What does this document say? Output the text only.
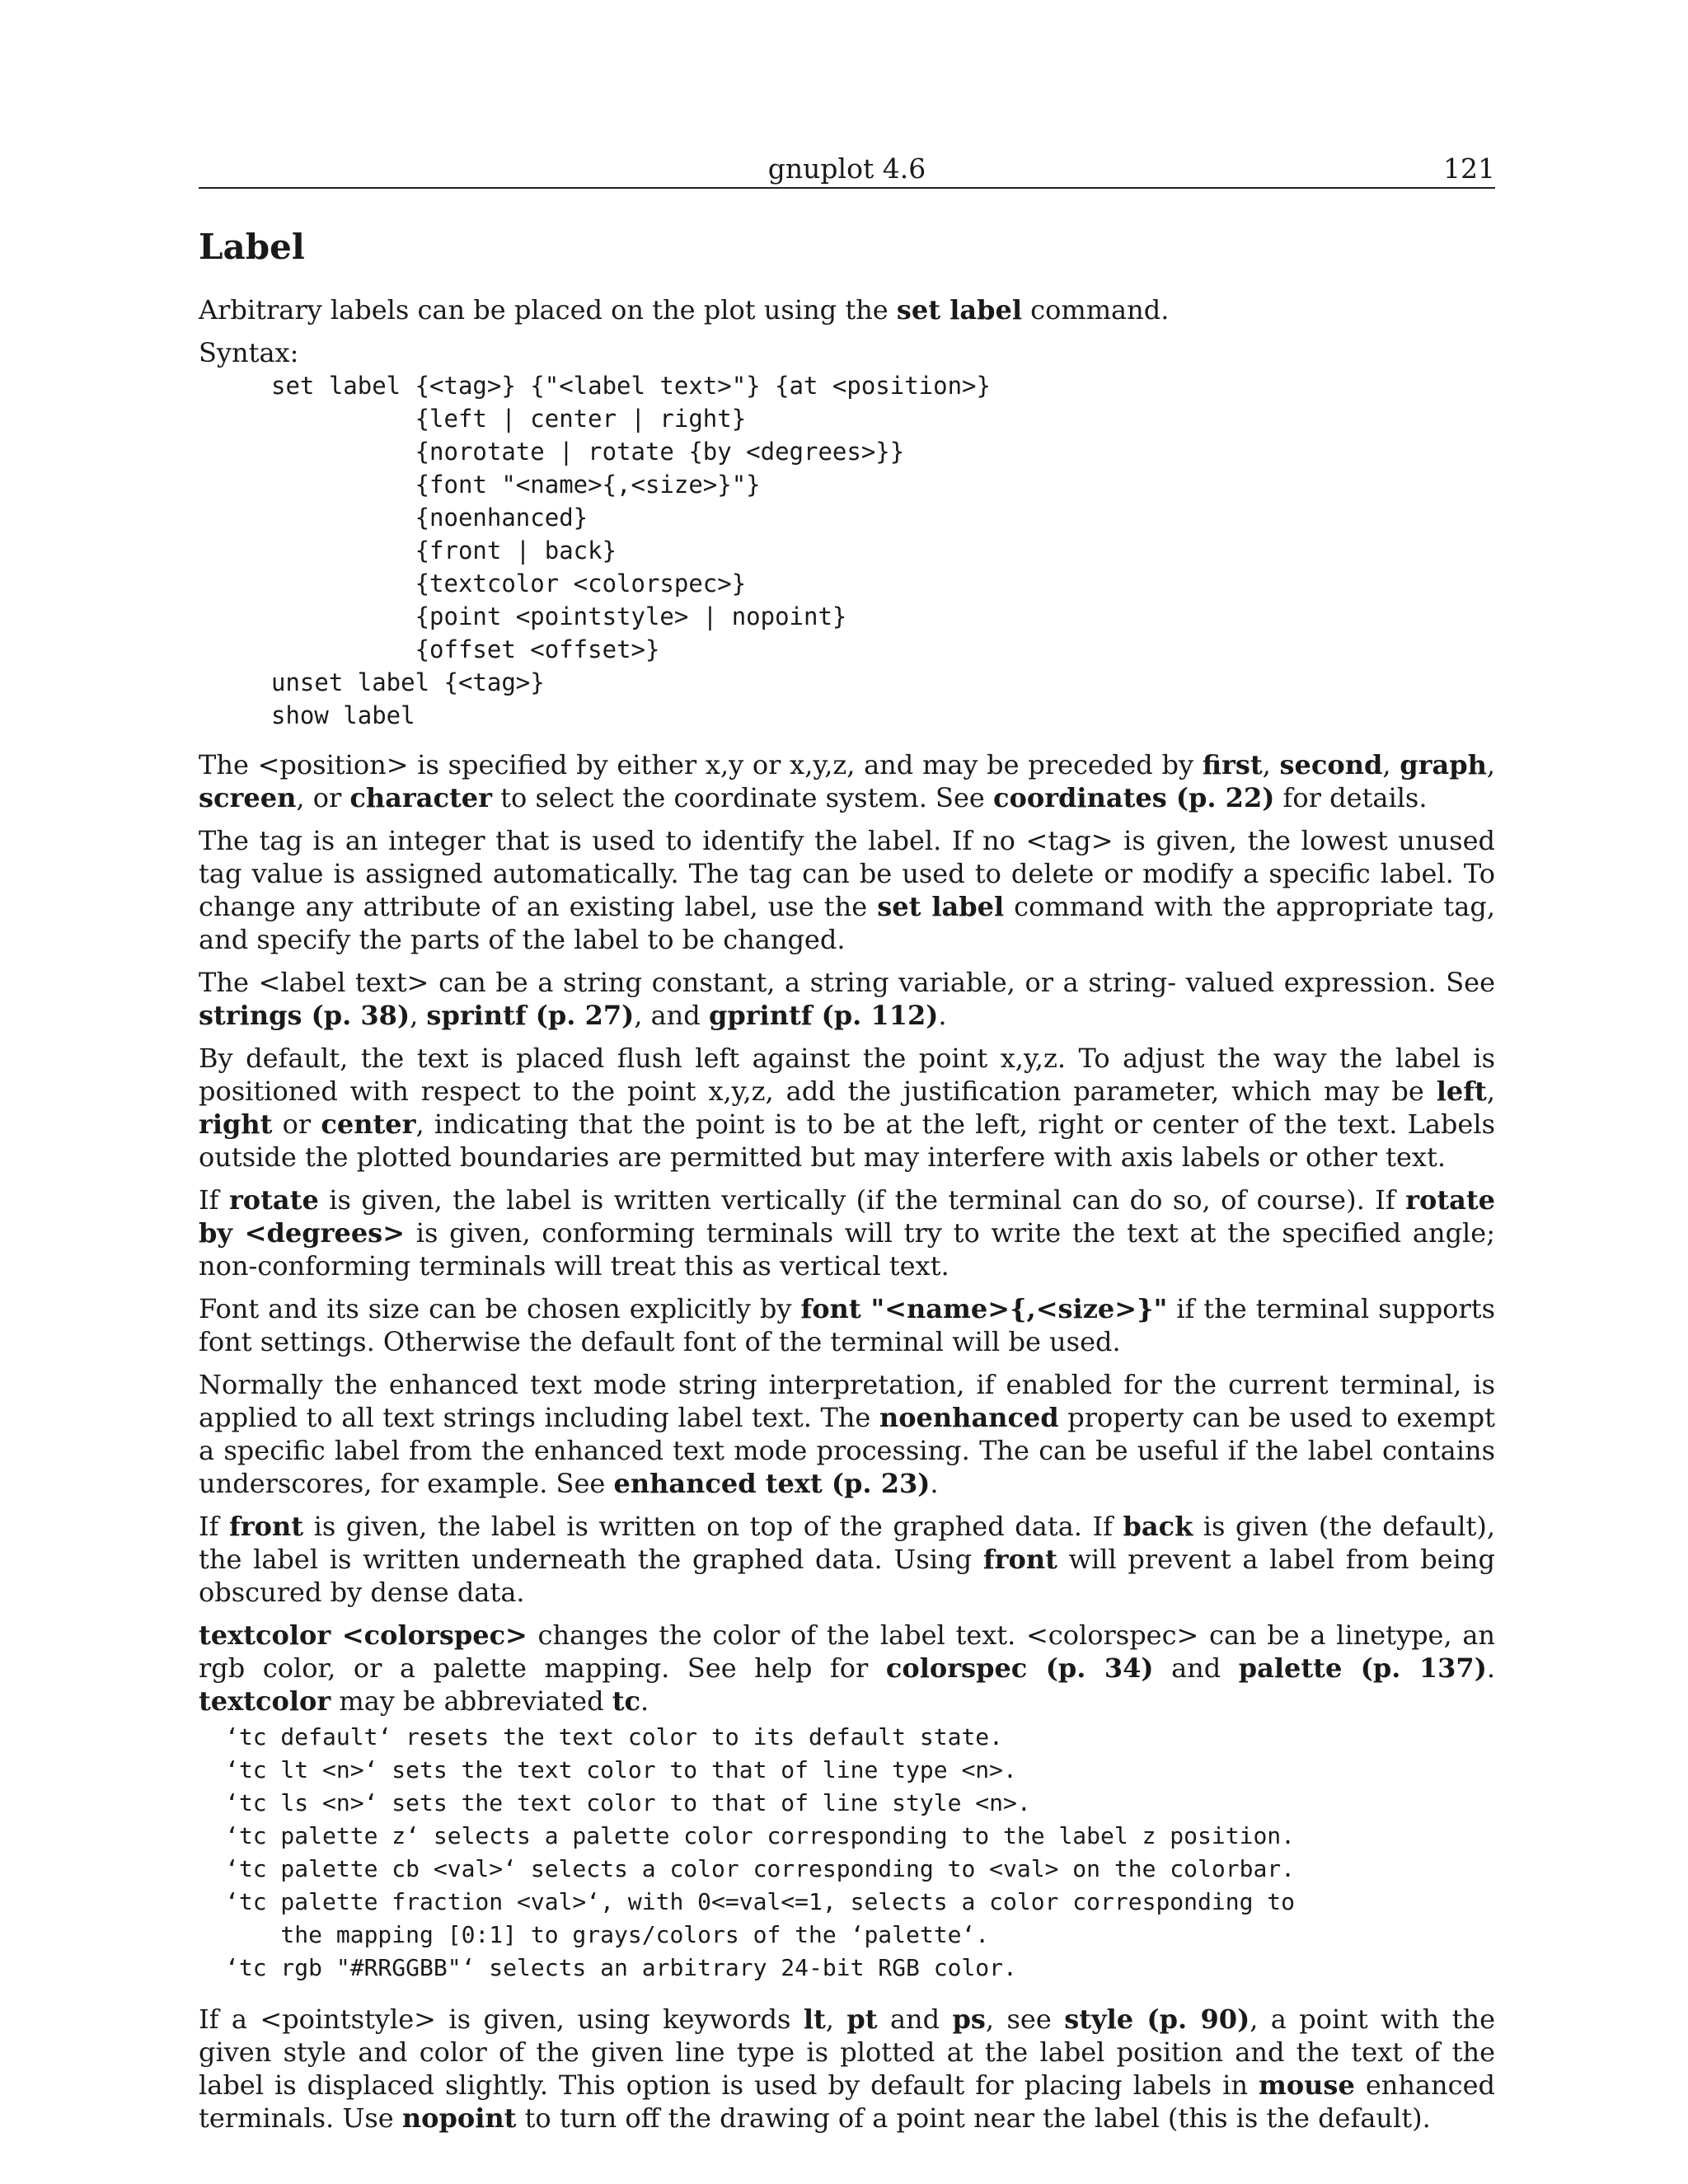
gnuplot 4.6	121
Label

Arbitrary labels can be placed on the plot using the set label command.

Syntax:
set label {<tag>} {"<label text>"} {at <position>}
{left | center | right}
{norotate | rotate {by <degrees>}}
{font "<name>{,<size>}"}
{noenhanced}
{front | back}
{textcolor <colorspec>}
{point <pointstyle> | nopoint}
{offset <offset>}
unset label {<tag>}
show label

The <position> is specified by either x,y or x,y,z, and may be preceded by first, second, graph, screen, or character to select the coordinate system. See coordinates (p. 22) for details.

The tag is an integer that is used to identify the label. If no <tag> is given, the lowest unused tag value is assigned automatically. The tag can be used to delete or modify a specific label. To change any attribute of an existing label, use the set label command with the appropriate tag, and specify the parts of the label to be changed.

The <label text> can be a string constant, a string variable, or a string- valued expression. See strings (p. 38), sprintf (p. 27), and gprintf (p. 112).

By default, the text is placed flush left against the point x,y,z. To adjust the way the label is positioned with respect to the point x,y,z, add the justification parameter, which may be left, right or center, indicating that the point is to be at the left, right or center of the text. Labels outside the plotted boundaries are permitted but may interfere with axis labels or other text.

If rotate is given, the label is written vertically (if the terminal can do so, of course). If rotate by <degrees> is given, conforming terminals will try to write the text at the specified angle; non-conforming terminals will treat this as vertical text.

Font and its size can be chosen explicitly by font "<name>{,<size>}" if the terminal supports font settings. Otherwise the default font of the terminal will be used.

Normally the enhanced text mode string interpretation, if enabled for the current terminal, is applied to all text strings including label text. The noenhanced property can be used to exempt a specific label from the enhanced text mode processing. The can be useful if the label contains underscores, for example. See enhanced text (p. 23).

If front is given, the label is written on top of the graphed data. If back is given (the default), the label is written underneath the graphed data. Using front will prevent a label from being obscured by dense data.

textcolor <colorspec> changes the color of the label text. <colorspec> can be a linetype, an rgb color, or a palette mapping. See help for colorspec (p. 34) and palette (p. 137). textcolor may be abbreviated tc.

‘tc default‘ resets the text color to its default state.
‘tc lt <n>‘ sets the text color to that of line type <n>.
‘tc ls <n>‘ sets the text color to that of line style <n>.
‘tc palette z‘ selects a palette color corresponding to the label z position.
‘tc palette cb <val>‘ selects a color corresponding to <val> on the colorbar.
‘tc palette fraction <val>‘, with 0<=val<=1, selects a color corresponding to
the mapping [0:1] to grays/colors of the ‘palette‘.
‘tc rgb "#RRGGBB"‘ selects an arbitrary 24-bit RGB color.

If a <pointstyle> is given, using keywords lt, pt and ps, see style (p. 90), a point with the given style and color of the given line type is plotted at the label position and the text of the label is displaced slightly. This option is used by default for placing labels in mouse enhanced terminals. Use nopoint to turn off the drawing of a point near the label (this is the default).
